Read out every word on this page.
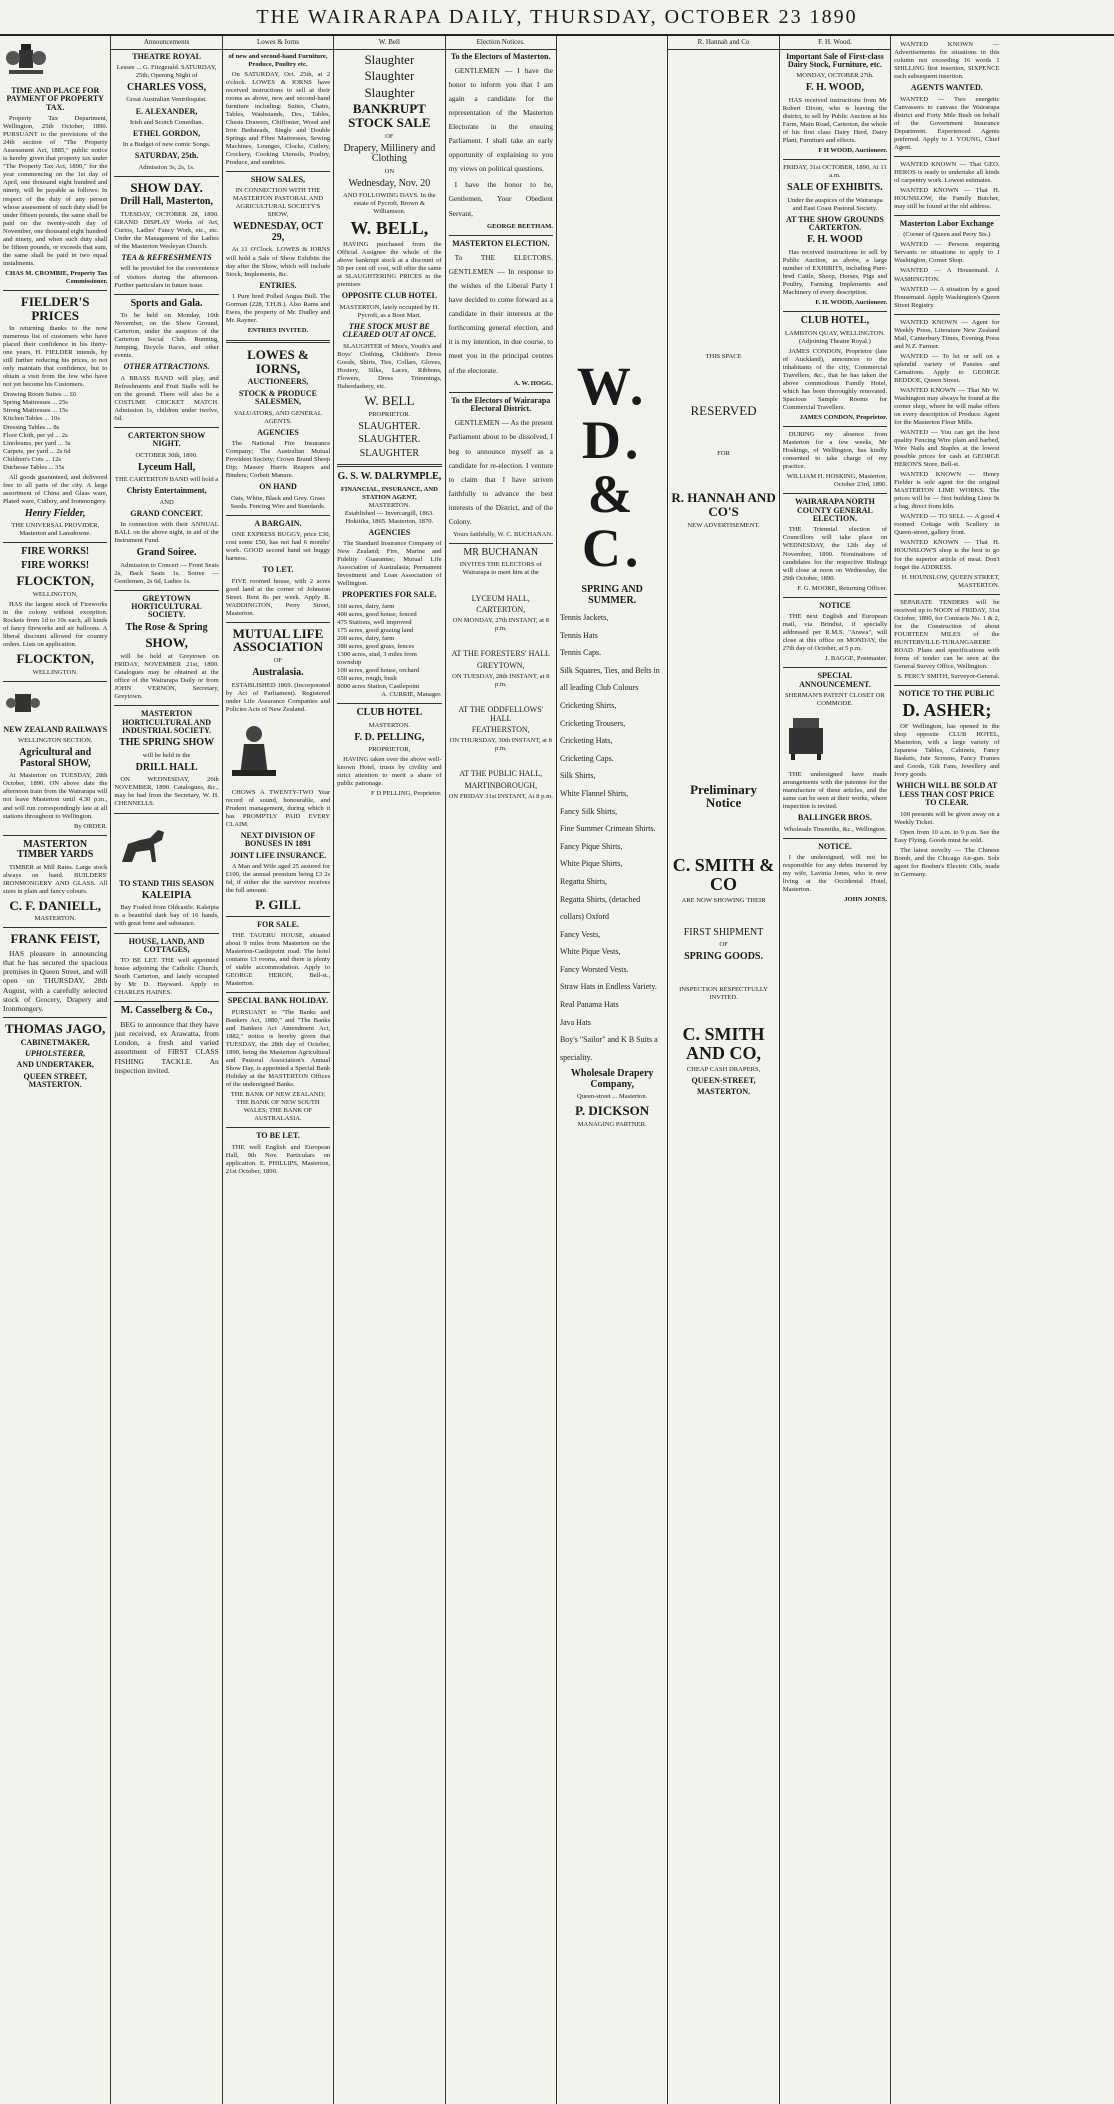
THE WAIRARAPA DAILY, THURSDAY, OCTOBER 23 1890
TIME AND PLACE FOR PAYMENT OF PROPERTY TAX.
Property Tax Department, Wellington, 25th October, 1890. PURSUANT to the provisions of the 24th section of "The Property Assessment Act, 1885," public notice is hereby given that property tax under "The Property Tax Act, 1890," for the year commencing on the 1st day of April, one thousand eight hundred and ninety, will be payable as follows: In respect of the duty of any person whose assessment of such duty shall be under fifteen pounds, the same shall be paid on the twenty-sixth day of November, one thousand eight hundred and ninety, and when such duty shall be fifteen pounds, or exceeds that sum, the same shall be paid in two equal instalments.
CHAS M. CROMBIE, Property Tax Commissioner.
FIELDER'S PRICES
In returning thanks to the now numerous list of customers who have placed their confidence in his thirty-one years, H. FIELDER intends, by still further reducing his prices, to not only maintain that confidence, but to obtain a visit from the few who have not yet become his Customers.
Drawing Room Suites ... £6
Spring Mattresses ... 25s
Strong Mattresses ... 15s
Kitchen Tables ... 10s
Dressing Tables ... 8s
Floor Cloth, per yd ... 2s
Linoleums, per yard ... 3s
Carpets, per yard ... 2s 6d
Children's Cots ... 12s
Duchesse Tables ... 35s
All goods guaranteed, and delivered free to all parts of the city. A large assortment of China and Glass ware, Plated ware, Cutlery, and Ironmongery.
Henry Fielder,
THE UNIVERSAL PROVIDER, Masterton and Lansdowne.
FIRE WORKS!
FIRE WORKS!
FLOCKTON,
WELLINGTON,
HAS the largest stock of Fireworks in the colony without exception. Rockets from 1d to 10s each, all kinds of fancy fireworks and air balloons. A liberal discount allowed for country orders. Lists on application.
FLOCKTON,
WELLINGTON.
NEW ZEALAND RAILWAYS
WELLINGTON SECTION.
Agricultural and Pastoral SHOW,
At Masterton on TUESDAY, 28th October, 1890. ON above date the afternoon train from the Wairarapa will not leave Masterton until 4.30 p.m., and will run correspondingly late at all stations throughout to Wellington.
By ORDER.
MASTERTON TIMBER YARDS
TIMBER at Mill Rates. Large stock always on hand. BUILDERS' IRONMONGERY AND GLASS. All sizes in plain and fancy colours.
C. F. DANIELL,
MASTERTON.
FRANK FEIST,
HAS pleasure in announcing that he has secured the spacious premises in Queen Street, and will open on THURSDAY, 28th August, with a carefully selected stock of Grocery, Drapery and Ironmongery.
THOMAS JAGO,
CABINETMAKER,
UPHOLSTERER,
AND UNDERTAKER,
QUEEN STREET, MASTERTON.
Announcements
THEATRE ROYAL
Lessee ... G. Fitzgerald. SATURDAY, 25th; Opening Night of
CHARLES VOSS,
Great Australian Ventriloquist.
E. ALEXANDER,
Irish and Scotch Comedian.
ETHEL GORDON,
In a Budget of new comic Songs.
SATURDAY, 25th.
Admission 3s, 2s, 1s.
SHOW DAY.
Drill Hall, Masterton,
TUESDAY, OCTOBER 28, 1890. GRAND DISPLAY Works of Art, Curios, Ladies' Fancy Work, etc., etc. Under the Management of the Ladies of the Masterton Wesleyan Church.
TEA & REFRESHMENTS
will be provided for the convenience of visitors during the afternoon. Further particulars in future issue.
Sports and Gala.
To be held on Monday, 10th November, on the Show Ground, Carterton, under the auspices of the Carterton Social Club. Running, Jumping, Bicycle Races, and other events.
OTHER ATTRACTIONS.
A BRASS BAND will play, and Refreshments and Fruit Stalls will be on the ground. There will also be a COSTUME CRICKET MATCH. Admission 1s, children under twelve, 6d.
CARTERTON SHOW NIGHT.
OCTOBER 30th, 1890.
Lyceum Hall,
THE CARTERTON BAND will hold a
Christy Entertainment,
AND
GRAND CONCERT.
In connection with their ANNUAL BALL on the above night, in aid of the Instrument Fund.
Grand Soiree.
Admission to Concert — Front Seats 2s, Back Seats 1s. Soiree — Gentlemen, 2s 6d, Ladies 1s.
GREYTOWN HORTICULTURAL SOCIETY.
The Rose & Spring
SHOW,
will be held at Greytown on FRIDAY, NOVEMBER 21st, 1890. Catalogues may be obtained at the office of the Wairarapa Daily or from JOHN VERNON, Secretary, Greytown.
MASTERTON HORTICULTURAL AND INDUSTRIAL SOCIETY.
THE SPRING SHOW
will be held in the
DRILL HALL
ON WEDNESDAY, 26th NOVEMBER, 1890. Catalogues, &c., may be had from the Secretary, W. H. CHENNELLS.
TO STAND THIS SEASON
KALEIPIA
Bay Foaled from Oldcastle. Kaleipia is a beautiful dark bay of 16 hands, with great bone and substance.
HOUSE, LAND, AND COTTAGES,
TO BE LET. THE well appointed house adjoining the Catholic Church, South Carterton, and lately occupied by Mr D. Hayward. Apply to CHARLES HAINES.
M. Casselberg & Co.,
BEG to announce that they have just received, ex Arawatta, from London, a fresh and varied assortment of FIRST CLASS FISHING TACKLE. An inspection invited.
Lowes & Iorns
of new and second-hand Furniture, Produce, Poultry etc.
On SATURDAY, Oct. 25th, at 2 o'clock. LOWES & IORNS have received instructions to sell at their rooms as above, new and second-hand furniture including: Suites, Chairs, Tables, Washstands, Drs., Tables, Chests Drawers, Chiffonier, Wood and Iron Bedsteads, Single and Double Springs and Fibre Mattresses, Sewing Machines, Lounges, Clocks, Cutlery, Crockery, Cooking Utensils, Poultry, Produce, and sundries.
SHOW SALES,
IN CONNECTION WITH THE MASTERTON PASTORAL AND AGRICULTURAL SOCIETY'S SHOW,
WEDNESDAY, OCT 29,
At 11 O'Clock. LOWES & IORNS will hold a Sale of Show Exhibits the day after the Show, which will include Stock, Implements, &c.
ENTRIES.
1 Pure bred Polled Angus Bull. The Gorman (228, T.H.B.). Also Rams and Ewes, the property of Mr. Dudley and Mr. Rayner.
ENTRIES INVITED.
LOWES & IORNS,
AUCTIONEERS,
STOCK & PRODUCE SALESMEN,
VALUATORS, AND GENERAL AGENTS.
AGENCIES
The National Fire Insurance Company; The Australian Mutual Provident Society; Crown Brand Sheep Dip; Massey Harris Reapers and Binders; Corbett Manure.
ON HAND
Oats, White, Black and Grey. Grass Seeds. Fencing Wire and Standards.
A BARGAIN.
ONE EXPRESS BUGGY, price £30, cost some £50, has not had 6 months' work. GOOD second hand set buggy harness.
TO LET.
FIVE roomed house, with 2 acres good land at the corner of Johnston Street. Rent 8s per week. Apply R. WADDINGTON, Perry Street, Masterton.
MUTUAL LIFE ASSOCIATION
OF
Australasia.
ESTABLISHED 1869. (Incorporated by Act of Parliament). Registered under Life Assurance Companies and Policies Acts of New Zealand.
CHOWS A TWENTY-TWO Year record of sound, honourable, and Prudent management, during which it has PROMPTLY PAID EVERY CLAIM.
NEXT DIVISION OF BONUSES IN 1891
JOINT LIFE INSURANCE.
A Man and Wife aged 25 assured for £100, the annual premium being £3 2s 6d, if either die the survivor receives the full amount.
P. GILL
FOR SALE.
THE TAUERU HOUSE, situated about 9 miles from Masterton on the Masterton-Castlepoint road. The hotel contains 13 rooms, and there is plenty of stable accommodation. Apply to GEORGE HERON, Bell-st., Masterton.
SPECIAL BANK HOLIDAY.
PURSUANT to "The Banks and Bankers Act, 1880," and "The Banks and Bankers Act Amendment Act, 1882," notice is hereby given that TUESDAY, the 28th day of October, 1890, being the Masterton Agricultural and Pastoral Association's Annual Show Day, is appointed a Special Bank Holiday at the MASTERTON Offices of the undersigned Banks.
THE BANK OF NEW ZEALAND; THE BANK OF NEW SOUTH WALES; THE BANK OF AUSTRALASIA.
TO BE LET.
THE well English and European Hall, 9th Nov. Particulars on application. E. PHILLIPS, Masterton, 21st October, 1890.
W. Bell
Slaughter
Slaughter
Slaughter
BANKRUPT STOCK SALE
OF
Drapery, Millinery and Clothing
ON
Wednesday, Nov. 20
AND FOLLOWING DAYS. In the estate of Pycroft, Brown & Williamson.
W. BELL,
HAVING purchased from the Official Assignee the whole of the above bankrupt stock at a discount of 50 per cent off cost, will offer the same at SLAUGHTERING PRICES in the premises
OPPOSITE CLUB HOTEL
MASTERTON, lately occupied by H. Pycroft, as a Boot Mart.
THE STOCK MUST BE CLEARED OUT AT ONCE.
SLAUGHTER of Men's, Youth's and Boys' Clothing, Children's Dress Goods, Shirts, Ties, Collars, Gloves, Hosiery, Silks, Laces, Ribbons, Flowers, Dress Trimmings, Haberdashery, etc.
W. BELL
PROPRIETOR.
SLAUGHTER.
SLAUGHTER.
SLAUGHTER
G. S. W. DALRYMPLE,
FINANCIAL, INSURANCE, AND STATION AGENT,
MASTERTON.
Established — Invercargill, 1863. Hokitika, 1865. Masterton, 1870.
AGENCIES
The Standard Insurance Company of New Zealand; Fire, Marine and Fidelity Guarantee; Mutual Life Association of Australasia; Permanent Investment and Loan Association of Wellington.
PROPERTIES FOR SALE.
160 acres, dairy, farm
400 acres, good house, fenced
475 Stations, well improved
175 acres, good grazing land
200 acres, dairy, farm
380 acres, good grass, fences
1300 acres, stud, 3 miles from township
100 acres, good house, orchard
650 acres, rough, bush
8000 acres Station, Castlepoint
A. CURRIE, Manager.
CLUB HOTEL
MASTERTON.
F. D. PELLING,
PROPRIETOR,
HAVING taken over the above well-known Hotel, trusts by civility and strict attention to merit a share of public patronage.
F D PELLING, Proprietor.
Election Notices.
To the Electors of Masterton.
GENTLEMEN — I have the honor to inform you that I am again a candidate for the representation of the Masterton Electorate in the ensuing Parliament. I shall take an early opportunity of explaining to you my views on political questions.
I have the honor to be, Gentlemen, Your Obedient Servant,
GEORGE BEETHAM.
MASTERTON ELECTION.
To THE ELECTORS. GENTLEMEN — In response to the wishes of the Liberal Party I have decided to come forward as a candidate in their interests at the forthcoming general election, and it is my intention, in due course, to meet you in the principal centres of the electorate.
A. W. HOGG.
To the Electors of Wairarapa Electoral District.
GENTLEMEN — As the present Parliament about to be dissolved, I beg to announce myself as a candidate for re-election. I venture to claim that I have striven faithfully to advance the best interests of the District, and of the Colony.
Yours faithfully, W. C. BUCHANAN.
MR BUCHANAN
INVITES THE ELECTORS of Wairarapa to meet him at the
LYCEUM HALL,
CARTERTON,
ON MONDAY, 27th INSTANT, at 8 p.m.
AT THE FORESTERS' HALL
GREYTOWN,
ON TUESDAY, 28th INSTANT, at 8 p.m.
AT THE ODDFELLOWS' HALL
FEATHERSTON,
ON THURSDAY, 30th INSTANT, at 8 p.m.
AT THE PUBLIC HALL,
MARTINBOROUGH,
ON FRIDAY 31st INSTANT, At 8 p.m.
W. D. & C.
SPRING AND SUMMER.
Tennis Jackets,
Tennis Hats
Tennis Caps.
Silk Squares, Ties, and Belts in all leading Club Colours
Cricketing Shirts,
Cricketing Trousers,
Cricketing Hats,
Cricketing Caps.
Silk Shirts,
White Flannel Shirts,
Fancy Silk Shirts,
Fine Summer Crimean Shirts.
Fancy Pique Shirts,
White Pique Shirts,
Regatta Shirts,
Regatta Shirts, (detached collars) Oxford
Fancy Vests,
White Pique Vests,
Fancy Worsted Vests.
Straw Hats in Endless Variety.
Real Panama Hats
Java Hats
Boy's "Sailor" and K B Suits a speciality.
Wholesale Drapery Company,
Queen-street ... Masterton.
P. DICKSON
MANAGING PARTNER.
R. Hannah and Co
THIS SPACE
RESERVED
FOR
R. HANNAH AND CO'S
NEW ADVERTISEMENT.
Preliminary Notice
C. SMITH & CO
ARE NOW SHOWING THEIR
FIRST SHIPMENT
OF
SPRING GOODS.
INSPECTION RESPECTFULLY INVITED.
C. SMITH AND CO,
CHEAP CASH DRAPERS,
QUEEN-STREET,
MASTERTON.
F. H. Wood.
Important Sale of First-class Dairy Stock, Furniture, etc.
MONDAY, OCTOBER 27th.
F. H. WOOD,
HAS received instructions from Mr Robert Dixon, who is leaving the district, to sell by Public Auction at his Farm, Main Road, Carterton, the whole of his first class Dairy Herd, Dairy Plant, Furniture and effects.
F H WOOD, Auctioneer.
FRIDAY, 31st OCTOBER, 1890, At 11 a.m.
SALE OF EXHIBITS.
Under the auspices of the Wairarapa and East Coast Pastoral Society.
AT THE SHOW GROUNDS CARTERTON.
F. H. WOOD
Has received instructions to sell by Public Auction, as above, a large number of EXHIBITS, including Pure-bred Cattle, Sheep, Horses, Pigs and Poultry, Farming Implements and Machinery of every description.
F. H. WOOD, Auctioneer.
CLUB HOTEL,
LAMBTON QUAY, WELLINGTON. (Adjoining Theatre Royal.)
JAMES CONDON, Proprietor (late of Auckland), announces to the inhabitants of the city, Commercial Travellers, &c., that he has taken the above commodious Family Hotel, which has been thoroughly renovated. Spacious Sample Rooms for Commercial Travellers.
JAMES CONDON, Proprietor.
DURING my absence from Masterton for a few weeks, Mr Hoskings, of Wellington, has kindly consented to take charge of my practice.
WILLIAM H. HOSKING, Masterton, October 23rd, 1890.
WAIRARAPA NORTH COUNTY GENERAL ELECTION.
THE Triennial election of Councillors will take place on WEDNESDAY, the 12th day of November, 1890. Nominations of candidates for the respective Ridings will close at noon on Wednesday, the 29th October, 1890.
F. G. MOORE, Returning Officer.
NOTICE
THE next English and European mail, via Brindisi, if specially addressed per R.M.S. "Arawa", will close at this office on MONDAY, the 27th day of October, at 5 p.m.
J. BAGGE, Postmaster.
SPECIAL ANNOUNCEMENT.
SHERMAN'S PATENT CLOSET OR COMMODE.
THE undersigned have made arrangements with the patentee for the manufacture of these articles, and the same can be seen at their works, where inspection is invited.
BALLINGER BROS.
Wholesale Tinsmiths, &c., Wellington.
NOTICE.
I the undersigned, will not be responsible for any debts incurred by my wife, Lavinia Jones, who is now living at the Occidental Hotel, Masterton.
JOHN JONES.
WANTED KNOWN — Advertisements for situations in this column not exceeding 16 words 1 SHILLING first insertion, SIXPENCE each subsequent insertion.
AGENTS WANTED.
WANTED — Two energetic Canvassers to canvass the Wairarapa district and Forty Mile Bush on behalf of the Government Insurance Department. Experienced Agents preferred. Apply to J. YOUNG, Chief Agent.
WANTED KNOWN — That GEO. HEROS is ready to undertake all kinds of carpentry work. Lowest estimates.
WANTED KNOWN — That H. HOUNSLOW, the Family Butcher, may still be found at the old address.
Masterton Labor Exchange
(Corner of Queen and Perry Sts.)
WANTED — Persons requiring Servants or situations to apply to J Washington, Corner Shop.
WANTED — A Housemaid. J. WASHINGTON.
WANTED — A situation by a good Housemaid. Apply Washington's Queen Street Registry.
WANTED KNOWN — Agent for Weekly Press, Literature New Zealand Mail, Canterbury Times, Evening Press and N.Z. Farmer.
WANTED — To let or sell on a splendid variety of Pansies and Carnations. Apply to GEORGE BEDDOE, Queen Street.
WANTED KNOWN — That Mr W. Washington may always be found at the corner shop, where he will make offers on every description of Produce. Agent for the Masterton Flour Mills.
WANTED — You can get the best quality Fencing Wire plain and barbed, Wire Nails and Staples at the lowest possible prices for cash at GEORGE HERON'S Store, Bell-st.
WANTED KNOWN — Henry Fielder is sole agent for the original MASTERTON LIME WORKS. The prices will be — first building Lime 9s a bag, direct from kiln.
WANTED — TO SELL — A good 4 roomed Cottage with Scullery in Queen-street, gallery front.
WANTED KNOWN — That H. HOUNSLOW'S shop is the best to go for the superior article of meat. Don't forget the ADDRESS.
H. HOUNSLOW, QUEEN STREET, MASTERTON.
SEPARATE TENDERS will be received up to NOON of FRIDAY, 31st October, 1890, for Contracts No. 1 & 2, for the Construction of about FOURTEEN MILES of the HUNTERVILLE-TURANGARERE ROAD. Plans and specifications with forms of tender can be seen at the General Survey Office, Wellington.
S. PERCY SMITH, Surveyor-General.
NOTICE TO THE PUBLIC
D. ASHER;
OF Wellington, has opened in the shop opposite CLUB HOTEL, Masterton, with a large variety of Japanese Tables, Cabinets, Fancy Baskets, Jute Screens, Fancy Frames and Goods, Gilt Fans, Jewellery and Ivory goods.
WHICH WILL BE SOLD AT LESS THAN COST PRICE TO CLEAR.
100 presents will be given away on a Weekly Ticket.
Open from 10 a.m. to 9 p.m. See the Easy Flying. Goods must be sold.
The latest novelty — The Chinese Bomb, and the Chicago Air-gun. Sole agent for Boehm's Electric Oils, made in Germany.
